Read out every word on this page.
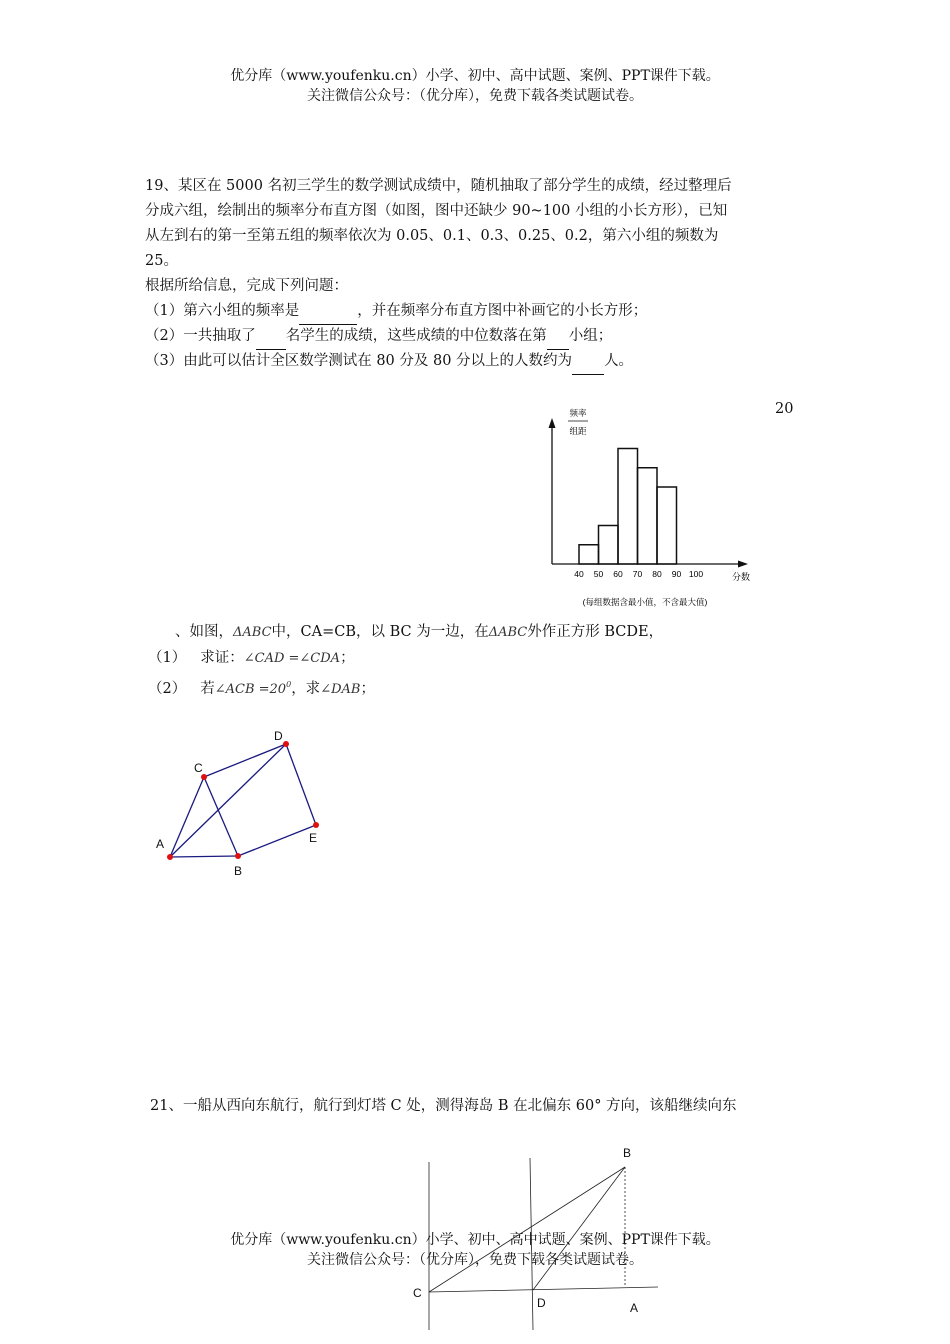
优分库（www.youfenku.cn）小学、初中、高中试题、案例、PPT课件下载。
关注微信公众号：（优分库），免费下载各类试题试卷。
19、某区在 5000 名初三学生的数学测试成绩中，随机抽取了部分学生的成绩，经过整理后
分成六组，绘制出的频率分布直方图（如图，图中还缺少 90~100 小组的小长方形），已知
从左到右的第一至第五组的频率依次为 0.05、0.1、0.3、0.25、0.2，第六小组的频数为
25。
根据所给信息，完成下列问题：
（1）第六小组的频率是	，并在频率分布直方图中补画它的小长方形；
（2）一共抽取了 名学生的成绩，这些成绩的中位数落在第 小组；
（3）由此可以估计全区数学测试在 80 分及 80 分以上的人数约为 人。
频率
组距
40 50 60 70 80 90 100	分数
(每组数据含最小值，不含最大值)
20
、如图，ΔABC中，CA=CB，以 BC 为一边，在ΔABC外作正方形 BCDE，
（1） 求证：∠CAD =∠CDA；
（2） 若∠ACB $=20^0$，求∠DAB；
A
B
C
D
E
21、一船从西向东航行，航行到灯塔 C 处，测得海岛 B 在北偏东 60° 方向，该船继续向东
B
C
D	A
优分库（www.youfenku.cn）小学、初中、高中试题、案例、PPT课件下载。
关注微信公众号：（优分库），免费下载各类试题试卷。
